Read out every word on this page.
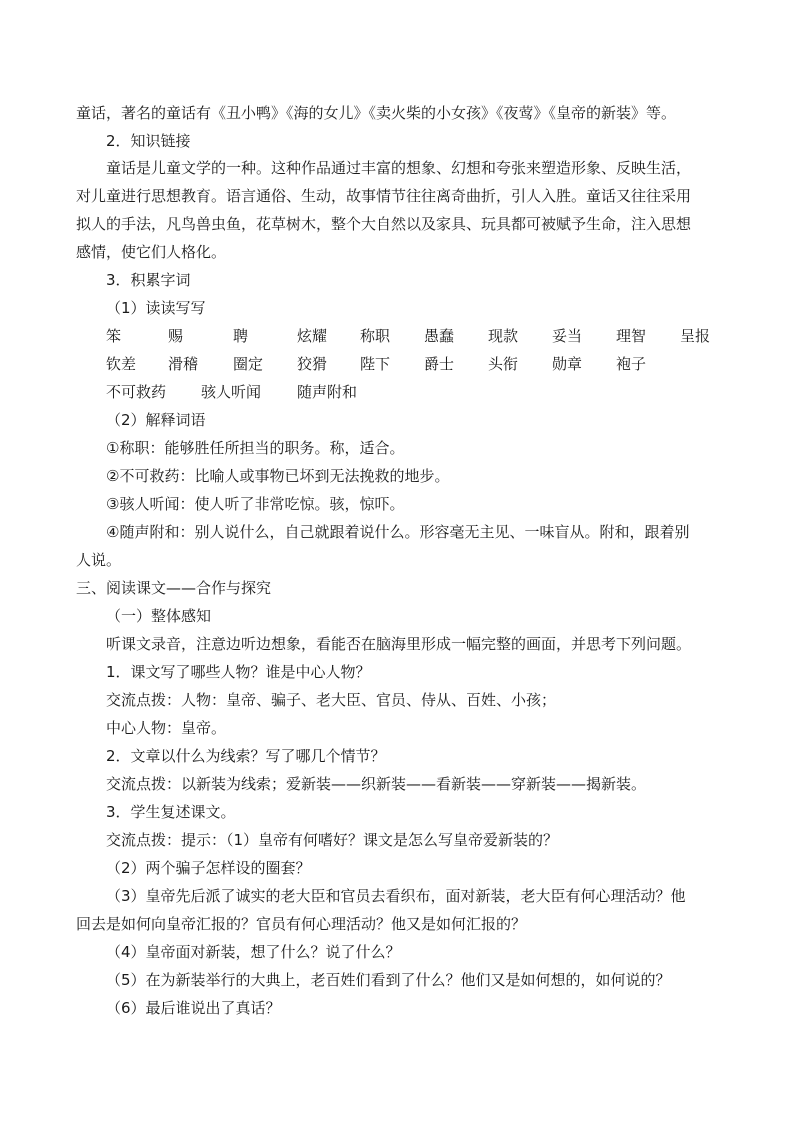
童话，著名的童话有《丑小鸭》《海的女儿》《卖火柴的小女孩》《夜莺》《皇帝的新装》等。
2．知识链接
童话是儿童文学的一种。这种作品通过丰富的想象、幻想和夸张来塑造形象、反映生活，
对儿童进行思想教育。语言通俗、生动，故事情节往往离奇曲折，引人入胜。童话又往往采用
拟人的手法，凡鸟兽虫鱼，花草树木，整个大自然以及家具、玩具都可被赋予生命，注入思想
感情，使它们人格化。
3．积累字词
（1）读读写写
笨	赐	聘	炫耀 称职 愚蠢 现款 妥当 理智 呈报
钦差 滑稽 圈定 狡猾 陛下 爵士 头衔 勋章 袍子
不可救药 骇人听闻 随声附和
（2）解释词语
①称职：能够胜任所担当的职务。称，适合。
②不可救药：比喻人或事物已坏到无法挽救的地步。
③骇人听闻：使人听了非常吃惊。骇，惊吓。
④随声附和：别人说什么，自己就跟着说什么。形容毫无主见、一味盲从。附和，跟着别
人说。
三、阅读课文——合作与探究
（一）整体感知
听课文录音，注意边听边想象，看能否在脑海里形成一幅完整的画面，并思考下列问题。
1．课文写了哪些人物？谁是中心人物？
交流点拨：人物：皇帝、骗子、老大臣、官员、侍从、百姓、小孩；
中心人物：皇帝。
2．文章以什么为线索？写了哪几个情节？
交流点拨：以新装为线索；爱新装——织新装——看新装——穿新装——揭新装。
3．学生复述课文。
交流点拨：提示：（1）皇帝有何嗜好？课文是怎么写皇帝爱新装的？
（2）两个骗子怎样设的圈套？
（3）皇帝先后派了诚实的老大臣和官员去看织布，面对新装，老大臣有何心理活动？他
回去是如何向皇帝汇报的？官员有何心理活动？他又是如何汇报的？
（4）皇帝面对新装，想了什么？说了什么？
（5）在为新装举行的大典上，老百姓们看到了什么？他们又是如何想的，如何说的？
（6）最后谁说出了真话？
